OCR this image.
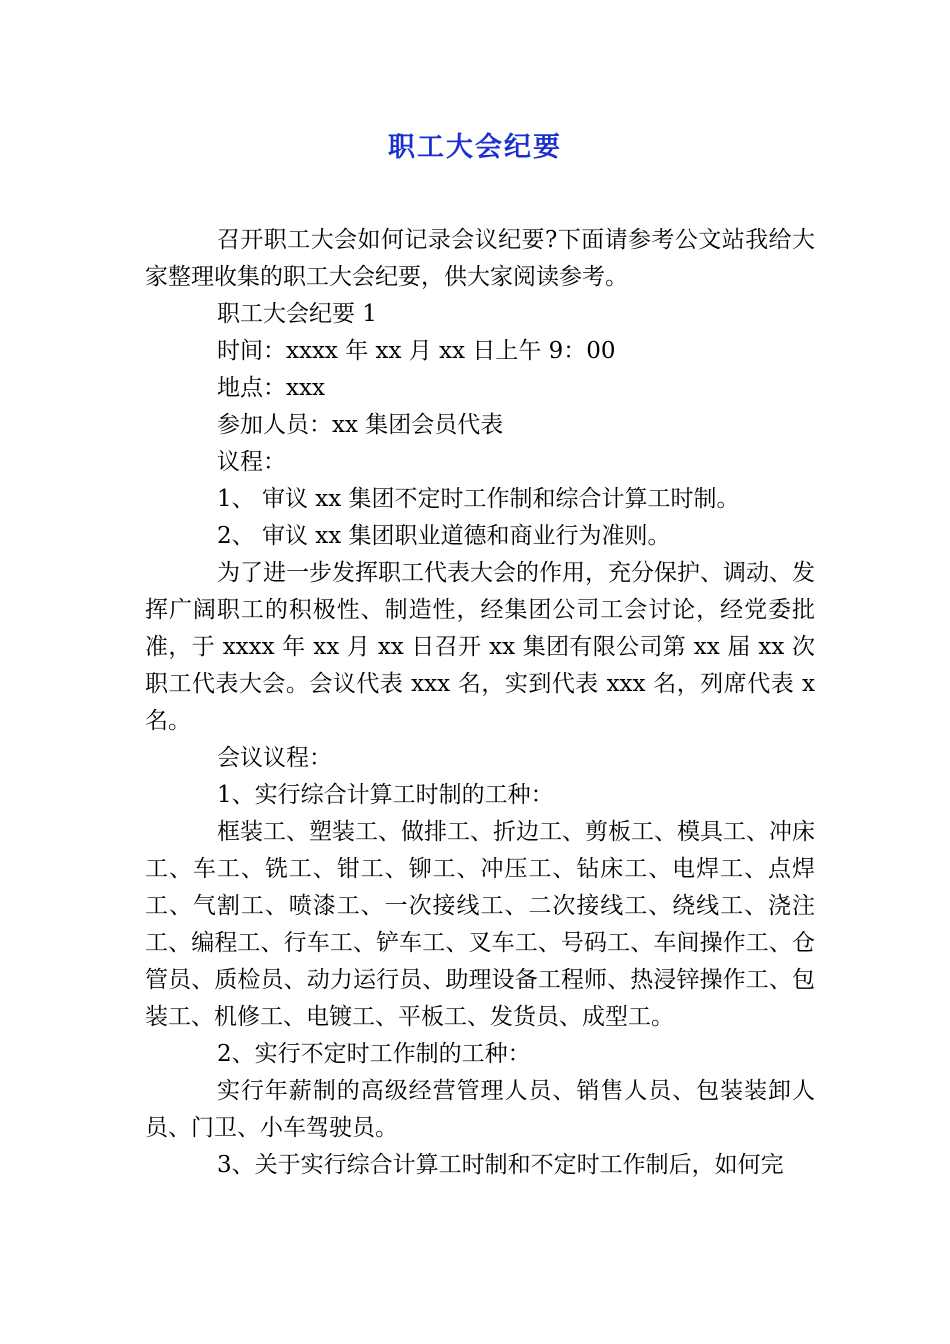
职工大会纪要

召开职工大会如何记录会议纪要?下面请参考公文站我给大家整理收集的职工大会纪要，供大家阅读参考。

职工大会纪要 1

时间：xxxx 年 xx 月 xx 日上午 9：00

地点：xxx

参加人员：xx 集团会员代表

议程：

1、 审议 xx 集团不定时工作制和综合计算工时制。

2、 审议 xx 集团职业道德和商业行为准则。

为了进一步发挥职工代表大会的作用，充分保护、调动、发挥广阔职工的积极性、制造性，经集团公司工会讨论，经党委批准，于 xxxx 年 xx 月 xx 日召开 xx 集团有限公司第 xx 届 xx 次职工代表大会。会议代表 xxx 名，实到代表 xxx 名，列席代表 x 名。

会议议程：

1、实行综合计算工时制的工种：

框装工、塑装工、做排工、折边工、剪板工、模具工、冲床工、车工、铣工、钳工、铆工、冲压工、钻床工、电焊工、点焊工、气割工、喷漆工、一次接线工、二次接线工、绕线工、浇注工、编程工、行车工、铲车工、叉车工、号码工、车间操作工、仓管员、质检员、动力运行员、助理设备工程师、热浸锌操作工、包装工、机修工、电镀工、平板工、发货员、成型工。

2、实行不定时工作制的工种：

实行年薪制的高级经营管理人员、销售人员、包装装卸人员、门卫、小车驾驶员。

3、关于实行综合计算工时制和不定时工作制后，如何完
